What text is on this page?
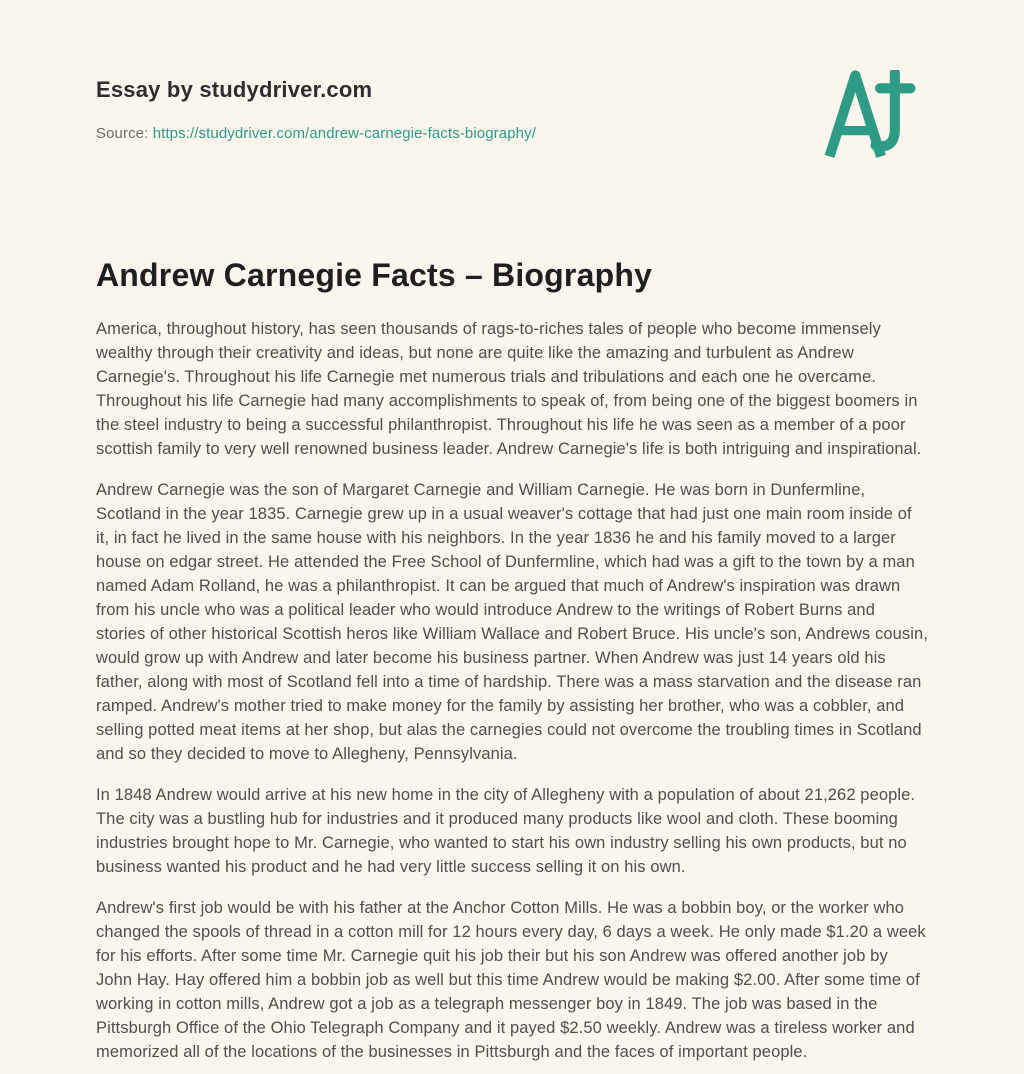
Essay by studydriver.com
Source: https://studydriver.com/andrew-carnegie-facts-biography/
Andrew Carnegie Facts – Biography

America, throughout history, has seen thousands of rags-to-riches tales of people who become immensely wealthy through their creativity and ideas, but none are quite like the amazing and turbulent as Andrew Carnegie's. Throughout his life Carnegie met numerous trials and tribulations and each one he overcame. Throughout his life Carnegie had many accomplishments to speak of, from being one of the biggest boomers in the steel industry to being a successful philanthropist. Throughout his life he was seen as a member of a poor scottish family to very well renowned business leader. Andrew Carnegie's life is both intriguing and inspirational.

Andrew Carnegie was the son of Margaret Carnegie and William Carnegie. He was born in Dunfermline, Scotland in the year 1835. Carnegie grew up in a usual weaver's cottage that had just one main room inside of it, in fact he lived in the same house with his neighbors. In the year 1836 he and his family moved to a larger house on edgar street. He attended the Free School of Dunfermline, which had was a gift to the town by a man named Adam Rolland, he was a philanthropist. It can be argued that much of Andrew's inspiration was drawn from his uncle who was a political leader who would introduce Andrew to the writings of Robert Burns and stories of other historical Scottish heros like William Wallace and Robert Bruce. His uncle's son, Andrews cousin, would grow up with Andrew and later become his business partner. When Andrew was just 14 years old his father, along with most of Scotland fell into a time of hardship. There was a mass starvation and the disease ran ramped. Andrew's mother tried to make money for the family by assisting her brother, who was a cobbler, and selling potted meat items at her shop, but alas the carnegies could not overcome the troubling times in Scotland and so they decided to move to Allegheny, Pennsylvania.

In 1848 Andrew would arrive at his new home in the city of Allegheny with a population of about 21,262 people. The city was a bustling hub for industries and it produced many products like wool and cloth. These booming industries brought hope to Mr. Carnegie, who wanted to start his own industry selling his own products, but no business wanted his product and he had very little success selling it on his own.

Andrew's first job would be with his father at the Anchor Cotton Mills. He was a bobbin boy, or the worker who changed the spools of thread in a cotton mill for 12 hours every day, 6 days a week. He only made $1.20 a week for his efforts. After some time Mr. Carnegie quit his job their but his son Andrew was offered another job by John Hay. Hay offered him a bobbin job as well but this time Andrew would be making $2.00. After some time of working in cotton mills, Andrew got a job as a telegraph messenger boy in 1849. The job was based in the Pittsburgh Office of the Ohio Telegraph Company and it payed $2.50 weekly. Andrew was a tireless worker and memorized all of the locations of the businesses in Pittsburgh and the faces of important people.
